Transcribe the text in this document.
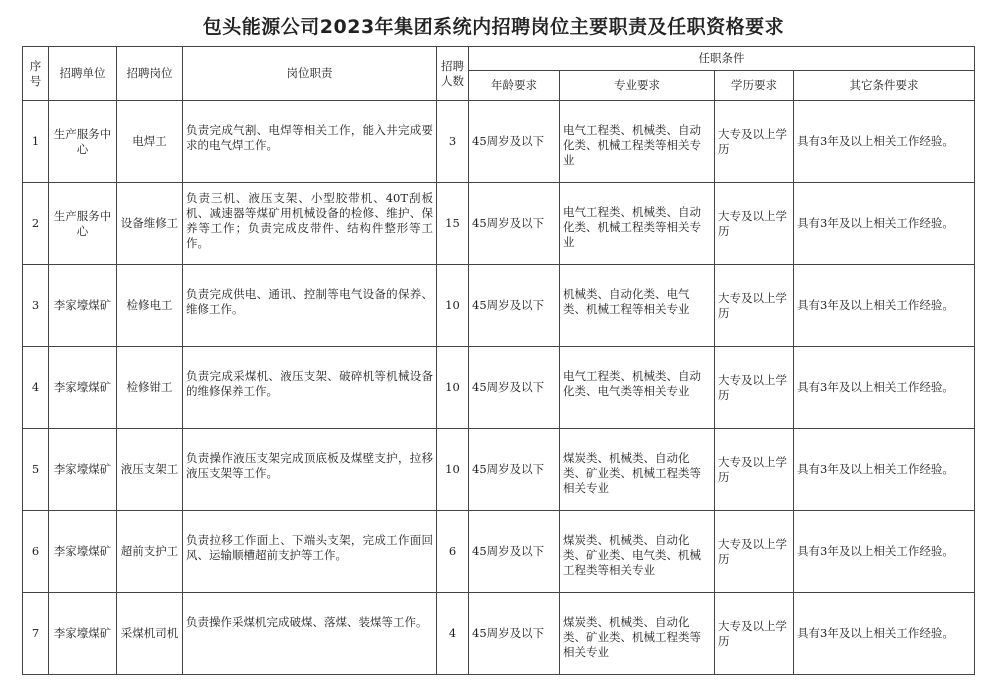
包头能源公司2023年集团系统内招聘岗位主要职责及任职资格要求
序号	招聘单位	招聘岗位	岗位职责	招聘人数	任职条件			
					年龄要求	专业要求	学历要求	其它条件要求
1	生产服务中心	电焊工	负责完成气割、电焊等相关工作，能入井完成要求的电气焊工作。	3	45周岁及以下	电气工程类、机械类、自动化类、机械工程类等相关专业	大专及以上学历	具有3年及以上相关工作经验。
2	生产服务中心	设备维修工	负责三机、液压支架、小型胶带机、40T刮板机、减速器等煤矿用机械设备的检修、维护、保养等工作；负责完成皮带件、结构件整形等工作。	15	45周岁及以下	电气工程类、机械类、自动化类、机械工程类等相关专业	大专及以上学历	具有3年及以上相关工作经验。
3	李家壕煤矿	检修电工	负责完成供电、通讯、控制等电气设备的保养、维修工作。	10	45周岁及以下	机械类、自动化类、电气类、机械工程等相关专业	大专及以上学历	具有3年及以上相关工作经验。
4	李家壕煤矿	检修钳工	负责完成采煤机、液压支架、破碎机等机械设备的维修保养工作。	10	45周岁及以下	电气工程类、机械类、自动化类、电气类等相关专业	大专及以上学历	具有3年及以上相关工作经验。
5	李家壕煤矿	液压支架工	负责操作液压支架完成顶底板及煤壁支护，拉移液压支架等工作。	10	45周岁及以下	煤炭类、机械类、自动化类、矿业类、机械工程类等相关专业	大专及以上学历	具有3年及以上相关工作经验。
6	李家壕煤矿	超前支护工	负责拉移工作面上、下端头支架，完成工作面回风、运输顺槽超前支护等工作。	6	45周岁及以下	煤炭类、机械类、自动化类、矿业类、电气类、机械工程类等相关专业	大专及以上学历	具有3年及以上相关工作经验。
7	李家壕煤矿	采煤机司机	负责操作采煤机完成破煤、落煤、装煤等工作。	4	45周岁及以下	煤炭类、机械类、自动化类、矿业类、机械工程类等相关专业	大专及以上学历	具有3年及以上相关工作经验。
